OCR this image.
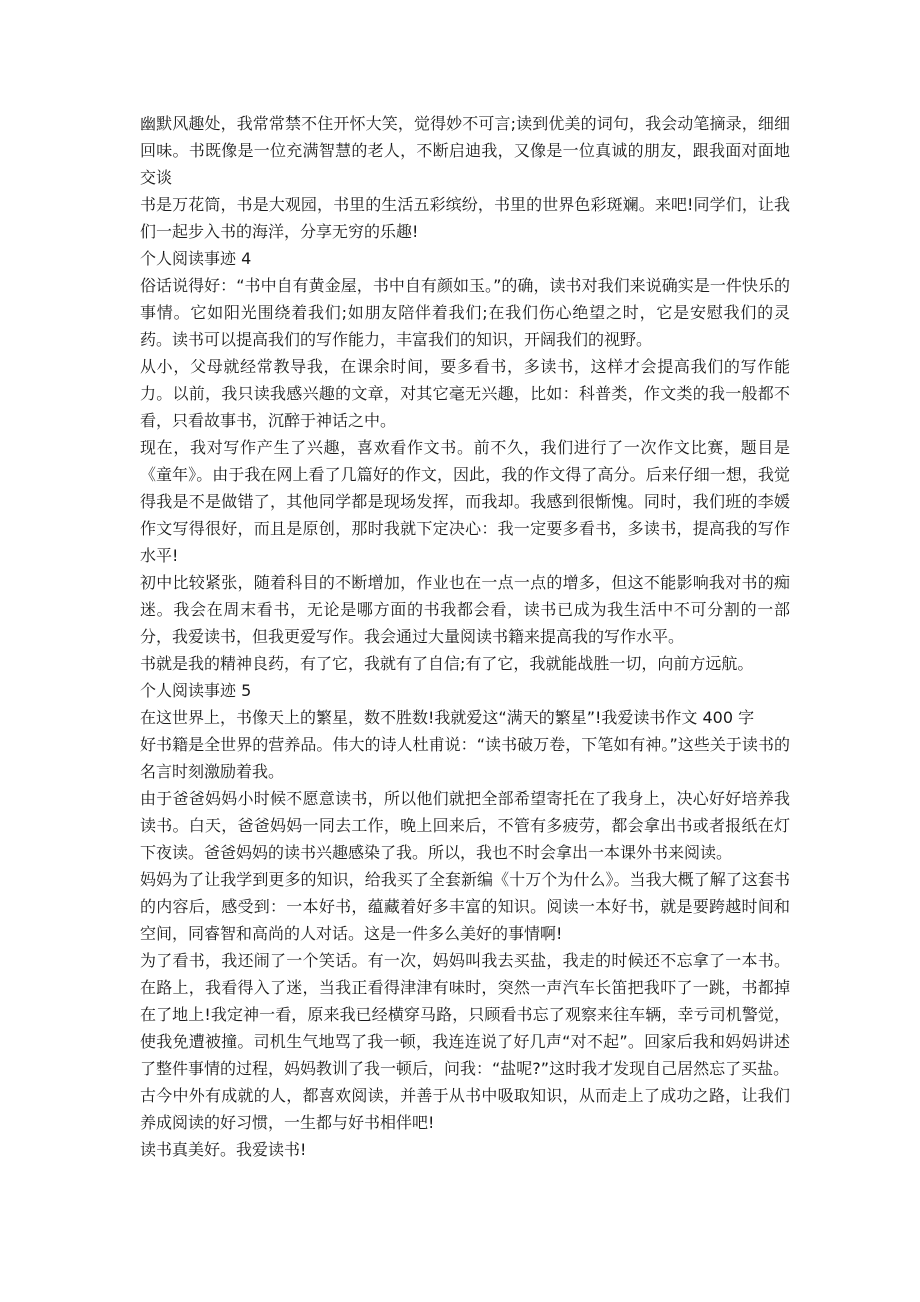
幽默风趣处，我常常禁不住开怀大笑，觉得妙不可言;读到优美的词句，我会动笔摘录，细细回味。书既像是一位充满智慧的老人，不断启迪我，又像是一位真诚的朋友，跟我面对面地交谈

书是万花筒，书是大观园，书里的生活五彩缤纷，书里的世界色彩斑斓。来吧!同学们，让我们一起步入书的海洋，分享无穷的乐趣!

个人阅读事迹 4

俗话说得好：“书中自有黄金屋，书中自有颜如玉。”的确，读书对我们来说确实是一件快乐的事情。它如阳光围绕着我们;如朋友陪伴着我们;在我们伤心绝望之时，它是安慰我们的灵药。读书可以提高我们的写作能力，丰富我们的知识，开阔我们的视野。

从小，父母就经常教导我，在课余时间，要多看书，多读书，这样才会提高我们的写作能力。以前，我只读我感兴趣的文章，对其它毫无兴趣，比如：科普类，作文类的我一般都不看，只看故事书，沉醉于神话之中。

现在，我对写作产生了兴趣，喜欢看作文书。前不久，我们进行了一次作文比赛，题目是《童年》。由于我在网上看了几篇好的作文，因此，我的作文得了高分。后来仔细一想，我觉得我是不是做错了，其他同学都是现场发挥，而我却。我感到很惭愧。同时，我们班的李媛作文写得很好，而且是原创，那时我就下定决心：我一定要多看书，多读书，提高我的写作水平!

初中比较紧张，随着科目的不断增加，作业也在一点一点的增多，但这不能影响我对书的痴迷。我会在周末看书，无论是哪方面的书我都会看，读书已成为我生活中不可分割的一部分，我爱读书，但我更爱写作。我会通过大量阅读书籍来提高我的写作水平。

书就是我的精神良药，有了它，我就有了自信;有了它，我就能战胜一切，向前方远航。

个人阅读事迹 5

在这世界上，书像天上的繁星，数不胜数!我就爱这“满天的繁星”!我爱读书作文 400 字

好书籍是全世界的营养品。伟大的诗人杜甫说：“读书破万卷，下笔如有神。”这些关于读书的名言时刻激励着我。

由于爸爸妈妈小时候不愿意读书，所以他们就把全部希望寄托在了我身上，决心好好培养我读书。白天，爸爸妈妈一同去工作，晚上回来后，不管有多疲劳，都会拿出书或者报纸在灯下夜读。爸爸妈妈的读书兴趣感染了我。所以，我也不时会拿出一本课外书来阅读。

妈妈为了让我学到更多的知识，给我买了全套新编《十万个为什么》。当我大概了解了这套书的内容后，感受到：一本好书，蕴藏着好多丰富的知识。阅读一本好书，就是要跨越时间和空间，同睿智和高尚的人对话。这是一件多么美好的事情啊!

为了看书，我还闹了一个笑话。有一次，妈妈叫我去买盐，我走的时候还不忘拿了一本书。在路上，我看得入了迷，当我正看得津津有味时，突然一声汽车长笛把我吓了一跳，书都掉在了地上!我定神一看，原来我已经横穿马路，只顾看书忘了观察来往车辆，幸亏司机警觉，使我免遭被撞。司机生气地骂了我一顿，我连连说了好几声“对不起”。回家后我和妈妈讲述了整件事情的过程，妈妈教训了我一顿后，问我：“盐呢?”这时我才发现自己居然忘了买盐。

古今中外有成就的人，都喜欢阅读，并善于从书中吸取知识，从而走上了成功之路，让我们养成阅读的好习惯，一生都与好书相伴吧!

读书真美好。我爱读书!
